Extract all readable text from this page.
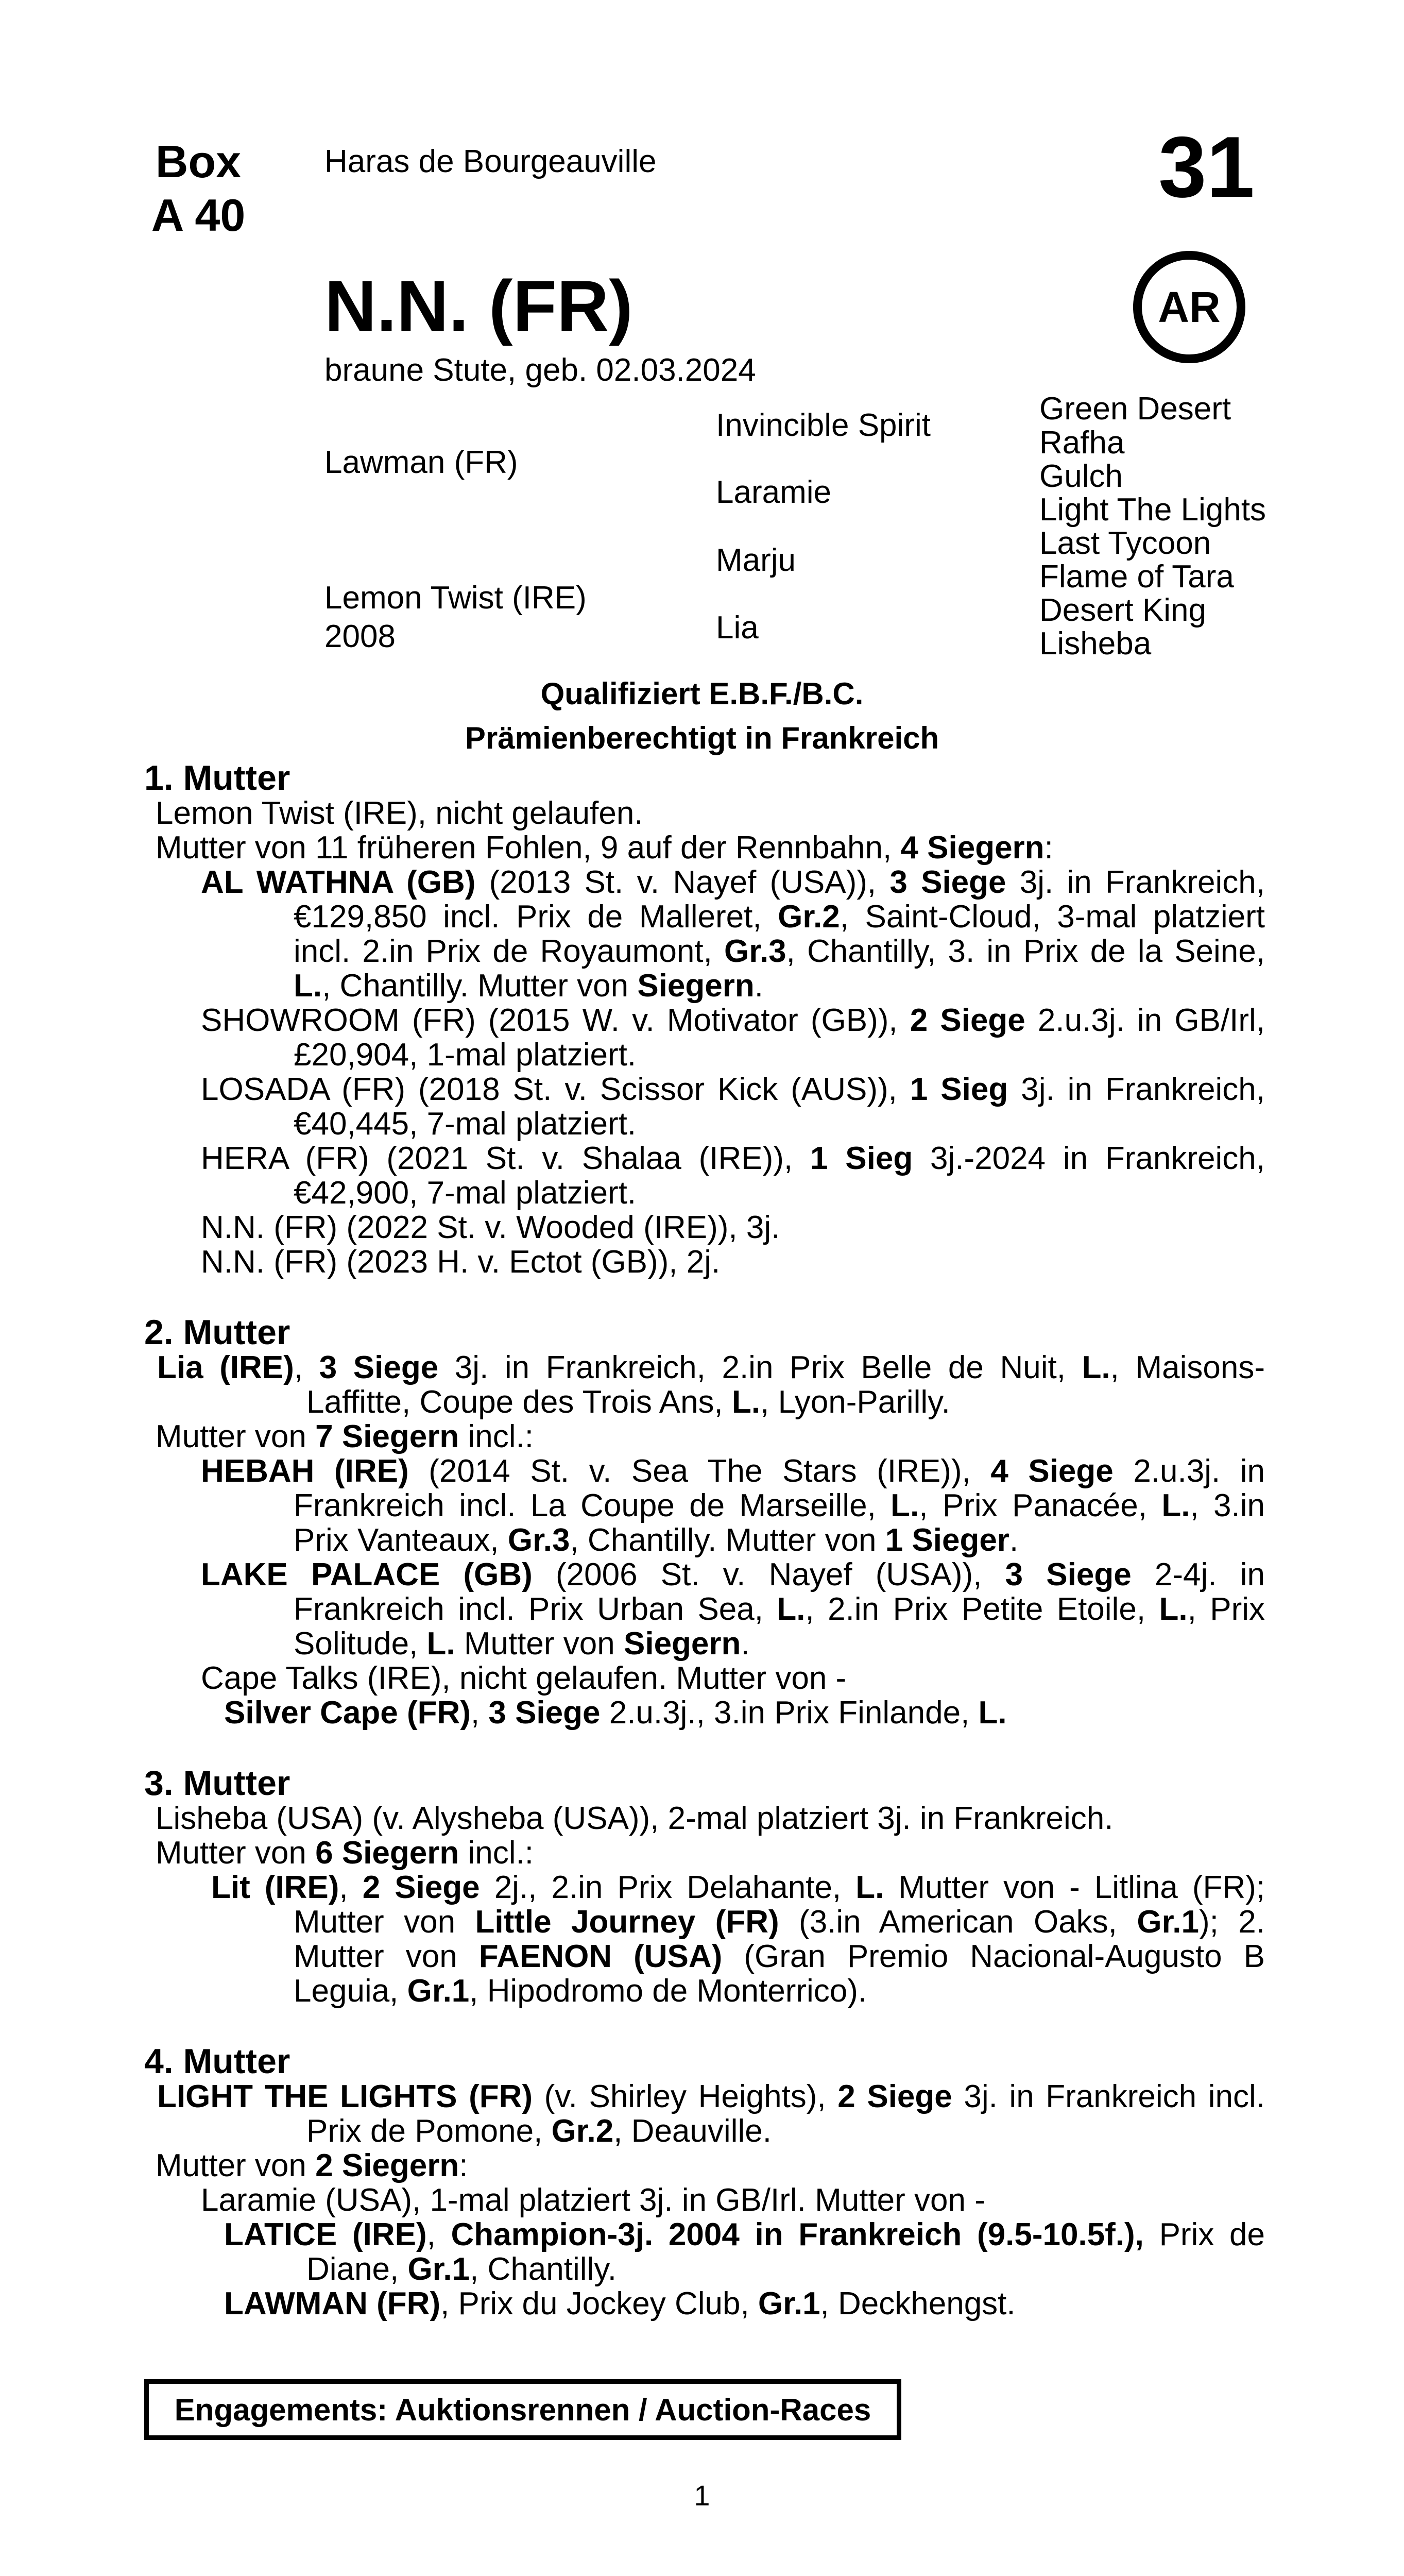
Box
A 40
Haras de Bourgeauville	31
AR
N.N. (FR)
braune Stute, geb. 02.03.2024
Lawman (FR)
Lemon Twist (IRE)
2008
Invincible Spirit
Laramie
Marju
Lia
Green Desert
Rafha
Gulch
Light The Lights
Last Tycoon
Flame of Tara
Desert King
Lisheba
Qualifiziert E.B.F./B.C.
Prämienberechtigt in Frankreich
1. Mutter

Lemon Twist (IRE), nicht gelaufen.

Mutter von 11 früheren Fohlen, 9 auf der Rennbahn, 4 Siegern:

AL WATHNA (GB) (2013 St. v. Nayef (USA)), 3 Siege 3j. in Frankreich, €129,850 incl. Prix de Malleret, Gr.2, Saint-Cloud, 3-mal platziert incl. 2.in Prix de Royaumont, Gr.3, Chantilly, 3. in Prix de la Seine, L., Chantilly. Mutter von Siegern.

SHOWROOM (FR) (2015 W. v. Motivator (GB)), 2 Siege 2.u.3j. in GB/Irl, £20,904, 1-mal platziert.

LOSADA (FR) (2018 St. v. Scissor Kick (AUS)), 1 Sieg 3j. in Frankreich, €40,445, 7-mal platziert.

HERA (FR) (2021 St. v. Shalaa (IRE)), 1 Sieg 3j.-2024 in Frankreich, €42,900, 7-mal platziert.

N.N. (FR) (2022 St. v. Wooded (IRE)), 3j.

N.N. (FR) (2023 H. v. Ectot (GB)), 2j.

2. Mutter

Lia (IRE), 3 Siege 3j. in Frankreich, 2.in Prix Belle de Nuit, L., Maisons-Laffitte, Coupe des Trois Ans, L., Lyon-Parilly.

Mutter von 7 Siegern incl.:

HEBAH (IRE) (2014 St. v. Sea The Stars (IRE)), 4 Siege 2.u.3j. in Frankreich incl. La Coupe de Marseille, L., Prix Panacée, L., 3.in Prix Vanteaux, Gr.3, Chantilly. Mutter von 1 Sieger.

LAKE PALACE (GB) (2006 St. v. Nayef (USA)), 3 Siege 2-4j. in Frankreich incl. Prix Urban Sea, L., 2.in Prix Petite Etoile, L., Prix Solitude, L. Mutter von Siegern.

Cape Talks (IRE), nicht gelaufen. Mutter von -

Silver Cape (FR), 3 Siege 2.u.3j., 3.in Prix Finlande, L.

3. Mutter

Lisheba (USA) (v. Alysheba (USA)), 2-mal platziert 3j. in Frankreich.

Mutter von 6 Siegern incl.:

Lit (IRE), 2 Siege 2j., 2.in Prix Delahante, L. Mutter von - Litlina (FR); Mutter von Little Journey (FR) (3.in American Oaks, Gr.1); 2. Mutter von FAENON (USA) (Gran Premio Nacional-Augusto B Leguia, Gr.1, Hipodromo de Monterrico).

4. Mutter

LIGHT THE LIGHTS (FR) (v. Shirley Heights), 2 Siege 3j. in Frankreich incl. Prix de Pomone, Gr.2, Deauville.

Mutter von 2 Siegern:

Laramie (USA), 1-mal platziert 3j. in GB/Irl. Mutter von -

LATICE (IRE), Champion-3j. 2004 in Frankreich (9.5-10.5f.), Prix de Diane, Gr.1, Chantilly.

LAWMAN (FR), Prix du Jockey Club, Gr.1, Deckhengst.

Engagements: Auktionsrennen / Auction-Races
1
